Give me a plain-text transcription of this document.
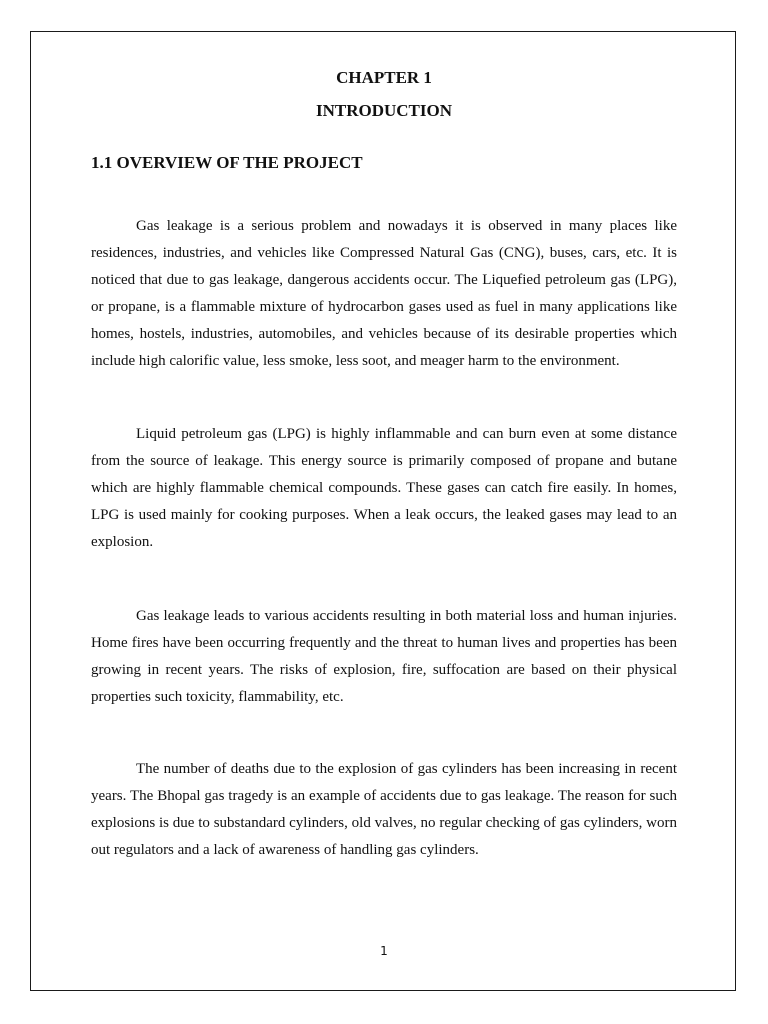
CHAPTER 1
INTRODUCTION
1.1 OVERVIEW OF THE PROJECT

Gas leakage is a serious problem and nowadays it is observed in many places like residences, industries, and vehicles like Compressed Natural Gas (CNG), buses, cars, etc. It is noticed that due to gas leakage, dangerous accidents occur. The Liquefied petroleum gas (LPG), or propane, is a flammable mixture of hydrocarbon gases used as fuel in many applications like homes, hostels, industries, automobiles, and vehicles because of its desirable properties which include high calorific value, less smoke, less soot, and meager harm to the environment.

Liquid petroleum gas (LPG) is highly inflammable and can burn even at some distance from the source of leakage. This energy source is primarily composed of propane and butane which are highly flammable chemical compounds. These gases can catch fire easily. In homes, LPG is used mainly for cooking purposes. When a leak occurs, the leaked gases may lead to an explosion.

Gas leakage leads to various accidents resulting in both material loss and human injuries. Home fires have been occurring frequently and the threat to human lives and properties has been growing in recent years. The risks of explosion, fire, suffocation are based on their physical properties such toxicity, flammability, etc.

The number of deaths due to the explosion of gas cylinders has been increasing in recent years. The Bhopal gas tragedy is an example of accidents due to gas leakage. The reason for such explosions is due to substandard cylinders, old valves, no regular checking of gas cylinders, worn out regulators and a lack of awareness of handling gas cylinders.

1
